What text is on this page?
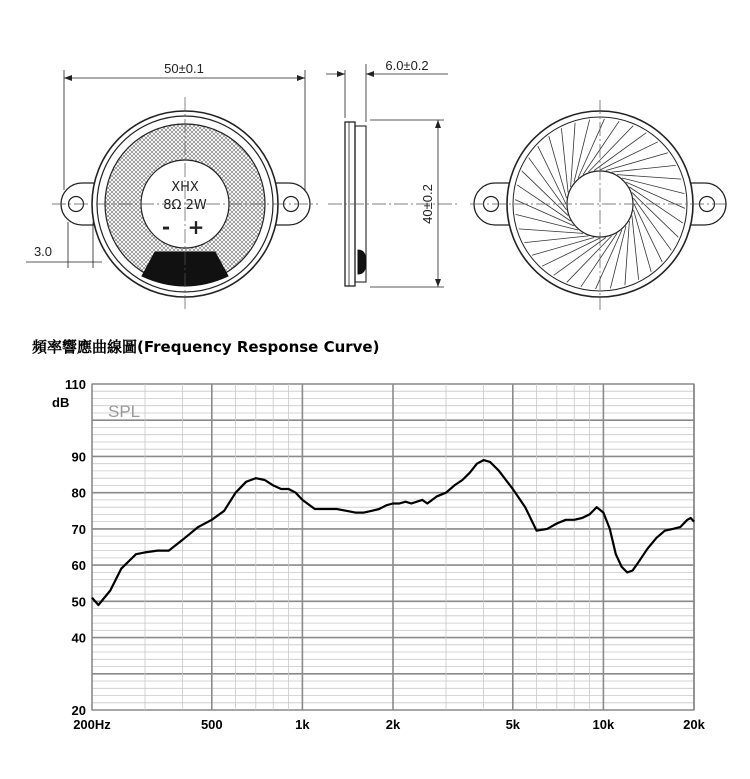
50±0.1
3.0
XHX
8Ω 2W
- +
6.0±0.2
40±0.2
頻率響應曲線圖(Frequency Response Curve)
110
90
80
70
60
50
40
20
200Hz	500	1k	2k	5k	10k	20k
dB SPL
